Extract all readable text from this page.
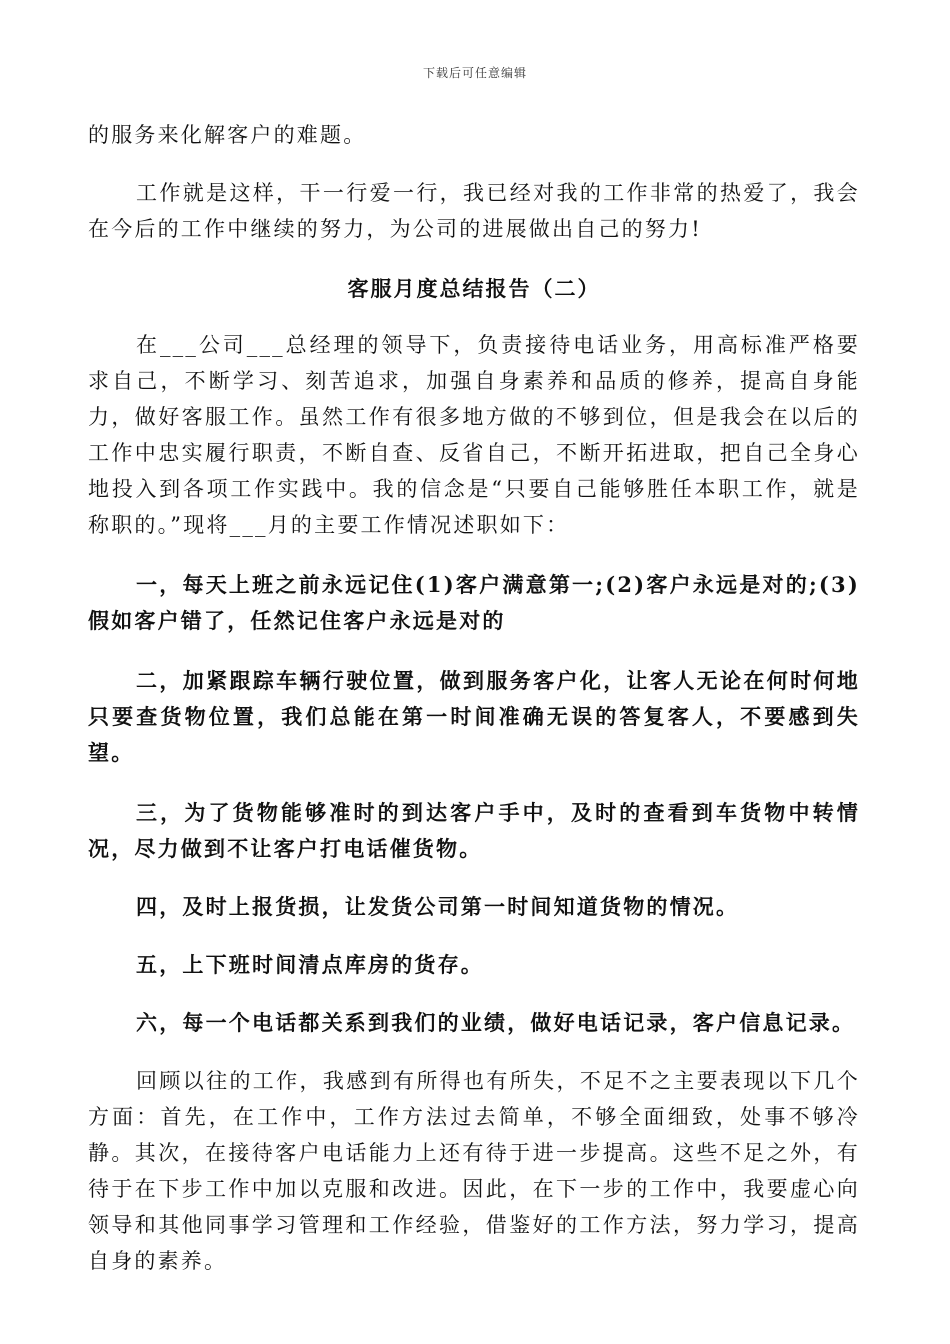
下载后可任意编辑

的服务来化解客户的难题。

工作就是这样，干一行爱一行，我已经对我的工作非常的热爱了，我会在今后的工作中继续的努力，为公司的进展做出自己的努力!

客服月度总结报告（二）

在___公司___总经理的领导下，负责接待电话业务，用高标准严格要求自己，不断学习、刻苦追求，加强自身素养和品质的修养，提高自身能力，做好客服工作。虽然工作有很多地方做的不够到位，但是我会在以后的工作中忠实履行职责，不断自查、反省自己，不断开拓进取，把自己全身心地投入到各项工作实践中。我的信念是“只要自己能够胜任本职工作，就是称职的。”现将___月的主要工作情况述职如下：

一，每天上班之前永远记住(1)客户满意第一;(2)客户永远是对的;(3)假如客户错了，任然记住客户永远是对的

二，加紧跟踪车辆行驶位置，做到服务客户化，让客人无论在何时何地只要查货物位置，我们总能在第一时间准确无误的答复客人，不要感到失望。

三，为了货物能够准时的到达客户手中，及时的查看到车货物中转情况，尽力做到不让客户打电话催货物。

四，及时上报货损，让发货公司第一时间知道货物的情况。

五，上下班时间清点库房的货存。

六，每一个电话都关系到我们的业绩，做好电话记录，客户信息记录。

回顾以往的工作，我感到有所得也有所失，不足不之主要表现以下几个方面：首先，在工作中，工作方法过去简单，不够全面细致，处事不够冷静。其次，在接待客户电话能力上还有待于进一步提高。这些不足之外，有待于在下步工作中加以克服和改进。因此，在下一步的工作中，我要虚心向领导和其他同事学习管理和工作经验，借鉴好的工作方法，努力学习，提高自身的素养。
